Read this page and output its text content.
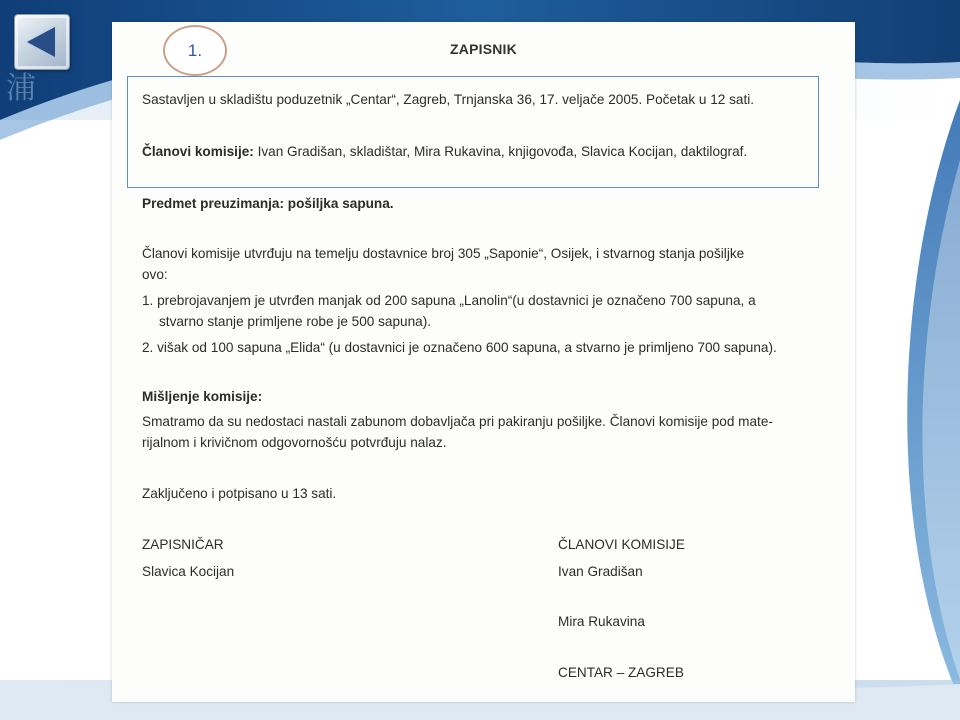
浦
1.	ZAPISNIK
Sastavljen u skladištu poduzetnik „Centar“, Zagreb, Trnjanska 36, 17. veljače 2005. Početak u 12 sati.
Članovi komisije: Ivan Gradišan, skladištar, Mira Rukavina, knjigovođa, Slavica Kocijan, daktilograf.
Predmet preuzimanja: pošiljka sapuna.
Članovi komisije utvrđuju na temelju dostavnice broj 305 „Saponie“, Osijek, i stvarnog stanja pošiljke
ovo:
1. prebrojavanjem je utvrđen manjak od 200 sapuna „Lanolin“(u dostavnici je označeno 700 sapuna, a
stvarno stanje primljene robe je 500 sapuna).
2. višak od 100 sapuna „Elida“ (u dostavnici je označeno 600 sapuna, a stvarno je primljeno 700 sapuna).
Mišljenje komisije:
Smatramo da su nedostaci nastali zabunom dobavljača pri pakiranju pošiljke. Članovi komisije pod mate-
rijalnom i krivičnom odgovornošću potvrđuju nalaz.
Zaključeno i potpisano u 13 sati.
ZAPISNIČAR
Slavica Kocijan
ČLANOVI KOMISIJE
Ivan Gradišan
Mira Rukavina
CENTAR – ZAGREB
